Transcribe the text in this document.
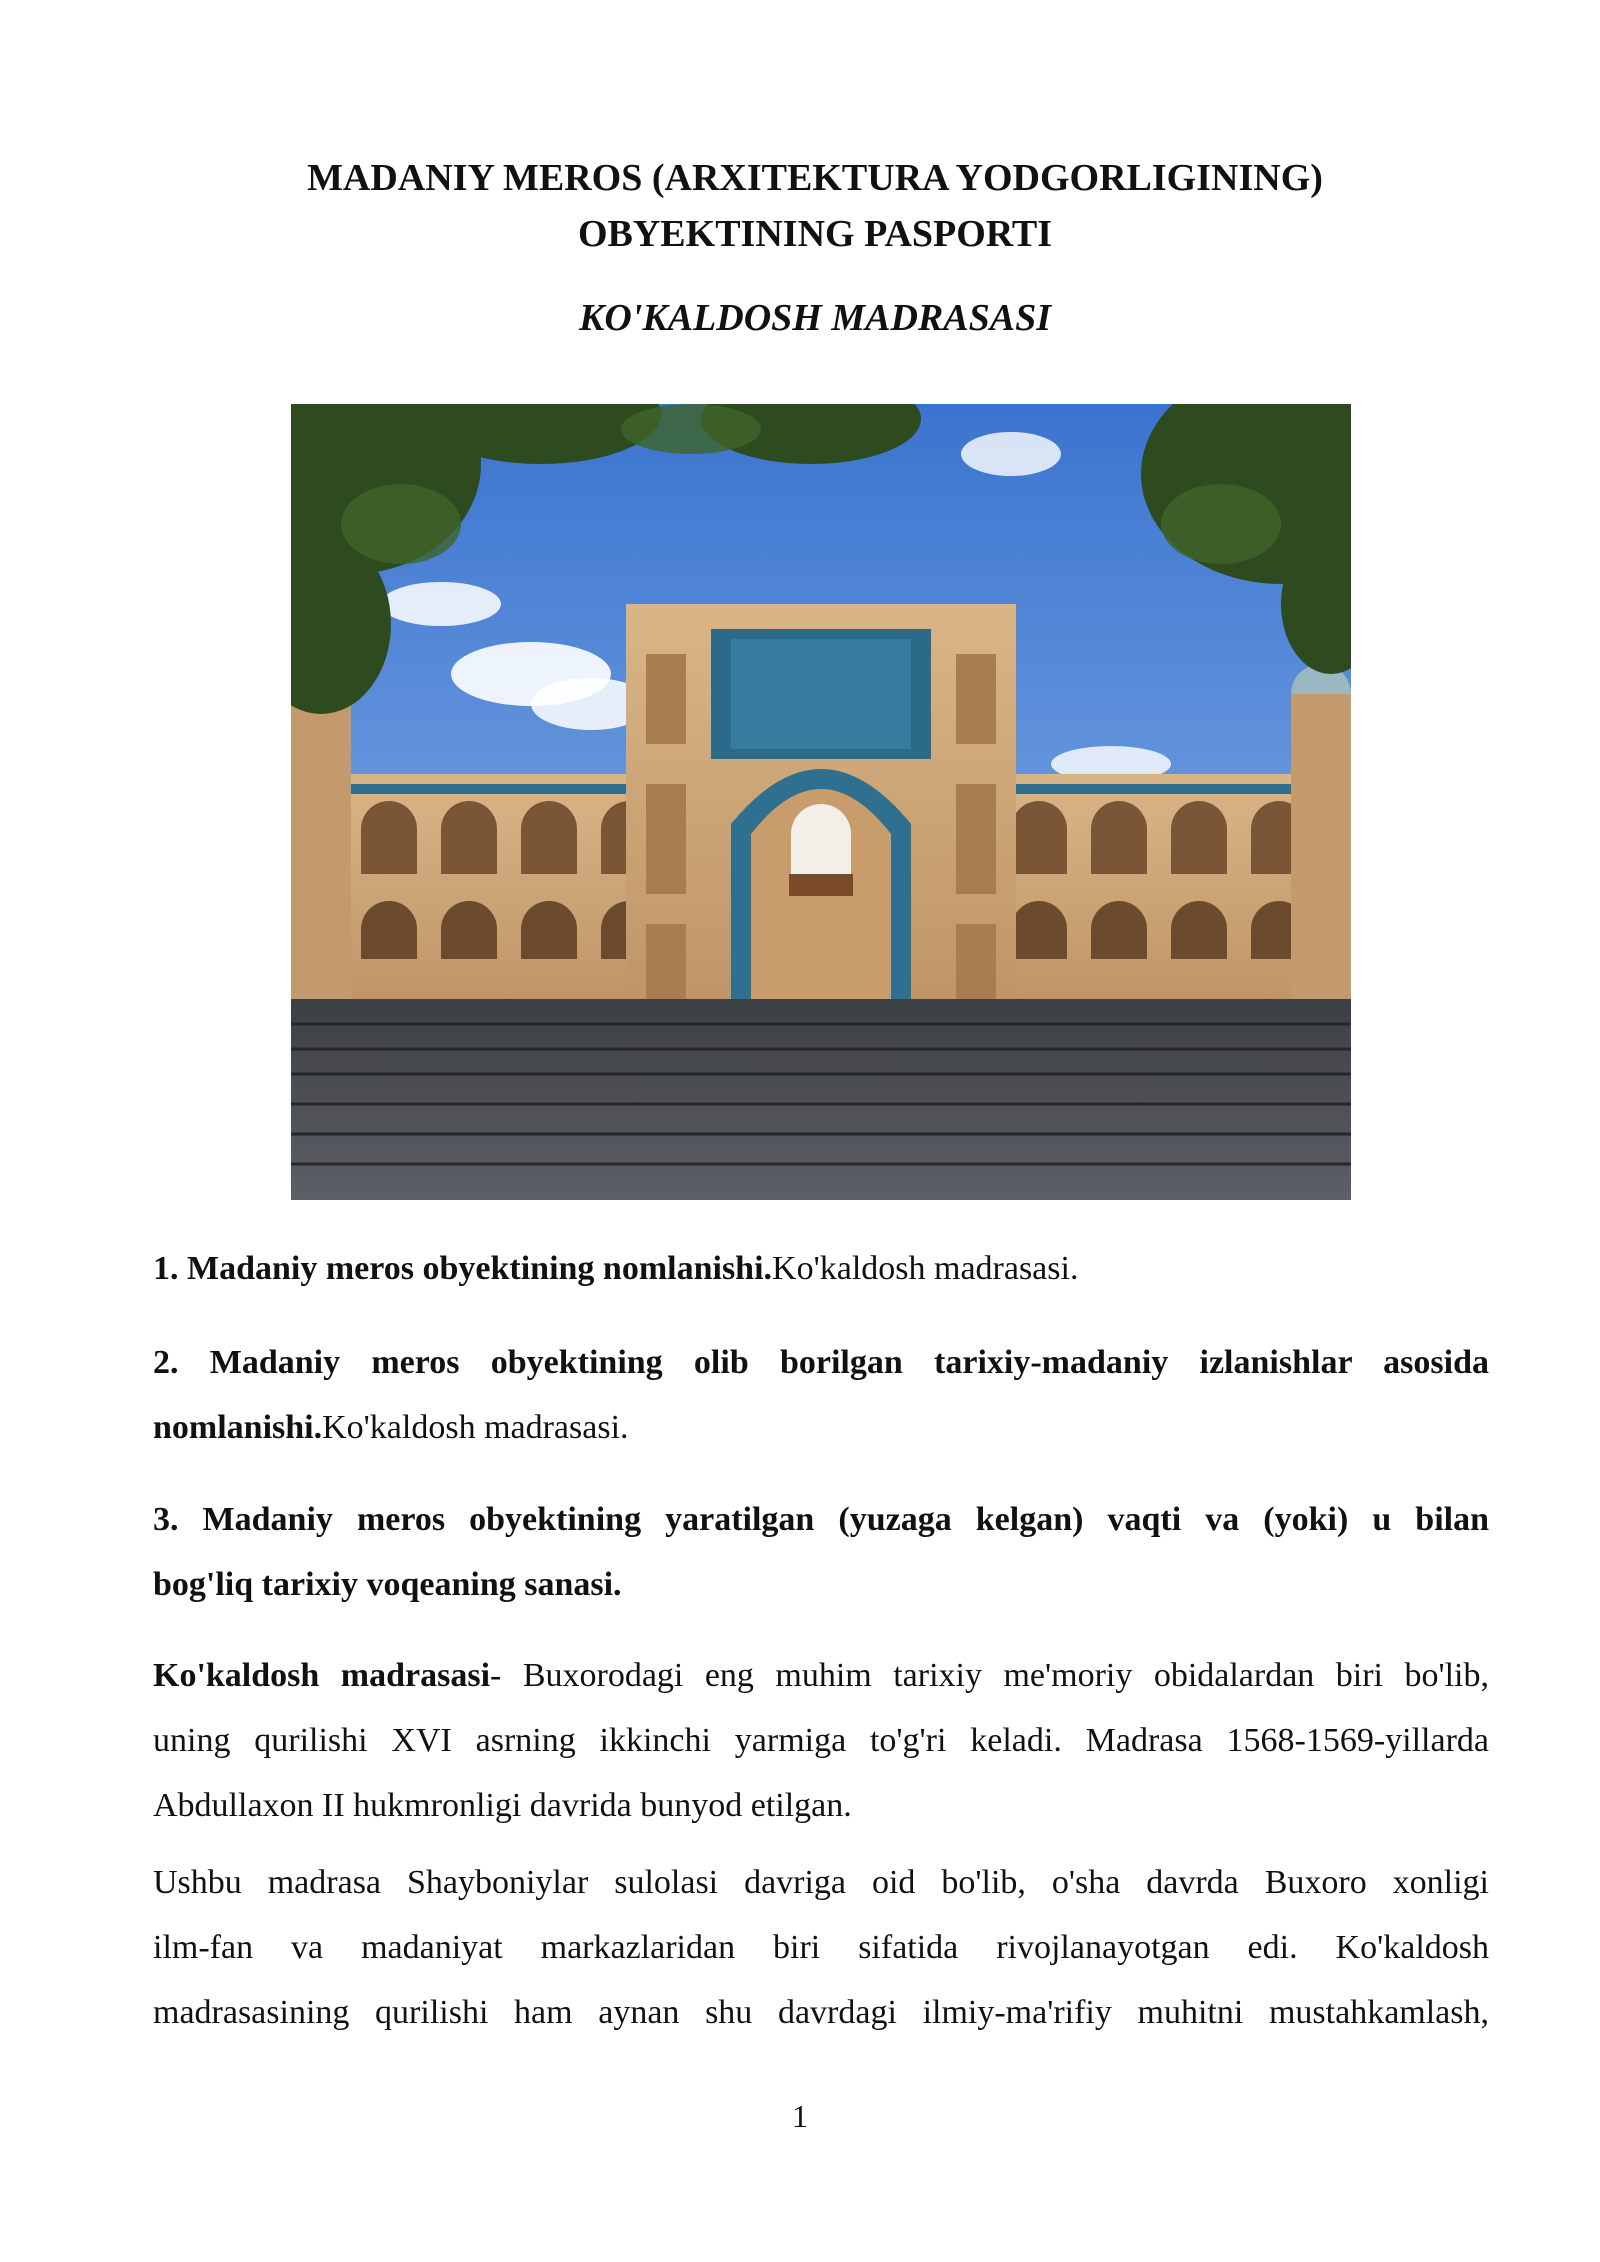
MADANIY MEROS (ARXITEKTURA YODGORLIGINING)
OBYEKTINING PASPORTI
KO'KALDOSH MADRASASI

1. Madaniy meros obyektining nomlanishi.Ko'kaldosh madrasasi.

2. Madaniy meros obyektining olib borilgan tarixiy-madaniy izlanishlar asosida
nomlanishi.Ko'kaldosh madrasasi.

3. Madaniy meros obyektining yaratilgan (yuzaga kelgan) vaqti va (yoki) u bilan
bog'liq tarixiy voqeaning sanasi.

Ko'kaldosh madrasasi- Buxorodagi eng muhim tarixiy me'moriy obidalardan biri bo'lib,
uning qurilishi XVI asrning ikkinchi yarmiga to'g'ri keladi. Madrasa 1568-1569-yillarda
Abdullaxon II hukmronligi davrida bunyod etilgan.

Ushbu madrasa Shayboniylar sulolasi davriga oid bo'lib, o'sha davrda Buxoro xonligi
ilm-fan va madaniyat markazlaridan biri sifatida rivojlanayotgan edi. Ko'kaldosh
madrasasining qurilishi ham aynan shu davrdagi ilmiy-ma'rifiy muhitni mustahkamlash,

1
